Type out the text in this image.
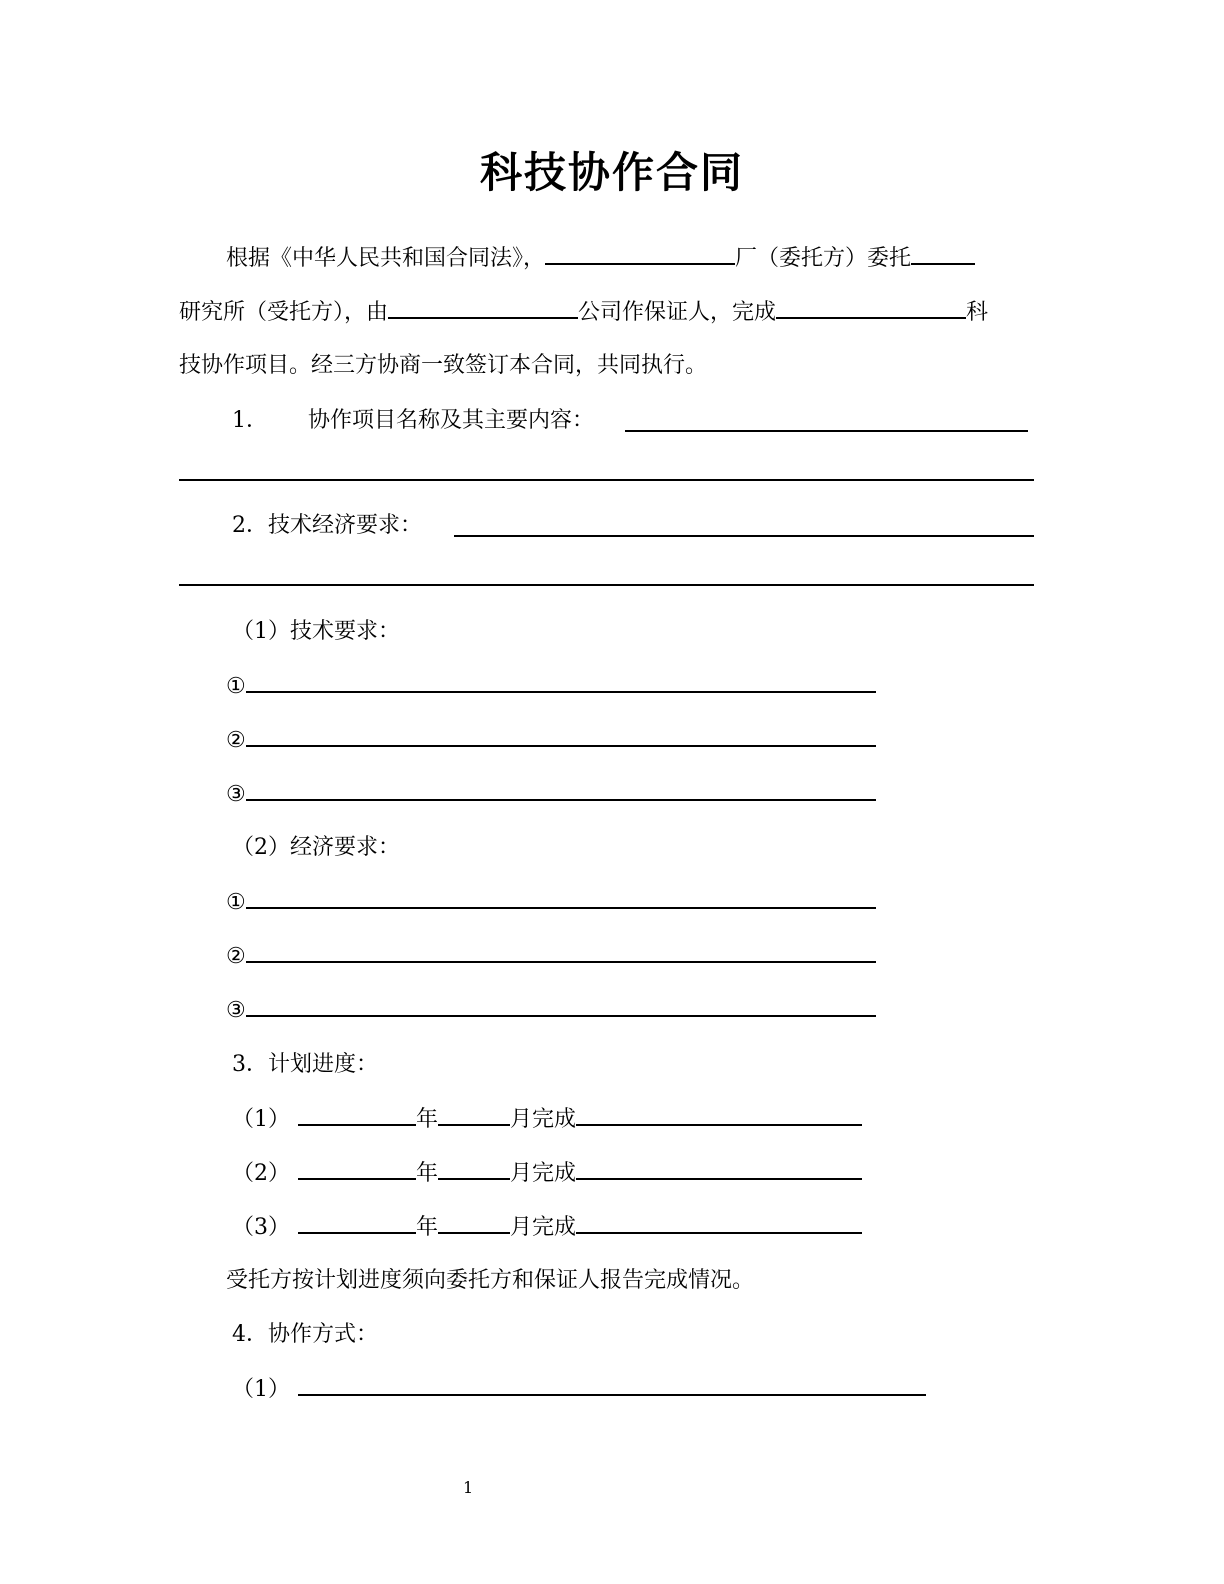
科技协作合同
根据《中华人民共和国合同法》，	厂（委托方）委托
研究所（受托方），由	公司作保证人，完成	科
技协作项目。经三方协商一致签订本合同，共同执行。
1． 协作项目名称及其主要内容：
2．技术经济要求：
（1）技术要求：
①
②
③
（2）经济要求：
①
②
③
3．计划进度：
（1）	年	月完成
（2）	年	月完成
（3）	年	月完成
受托方按计划进度须向委托方和保证人报告完成情况。
4．协作方式：
（1）
1
